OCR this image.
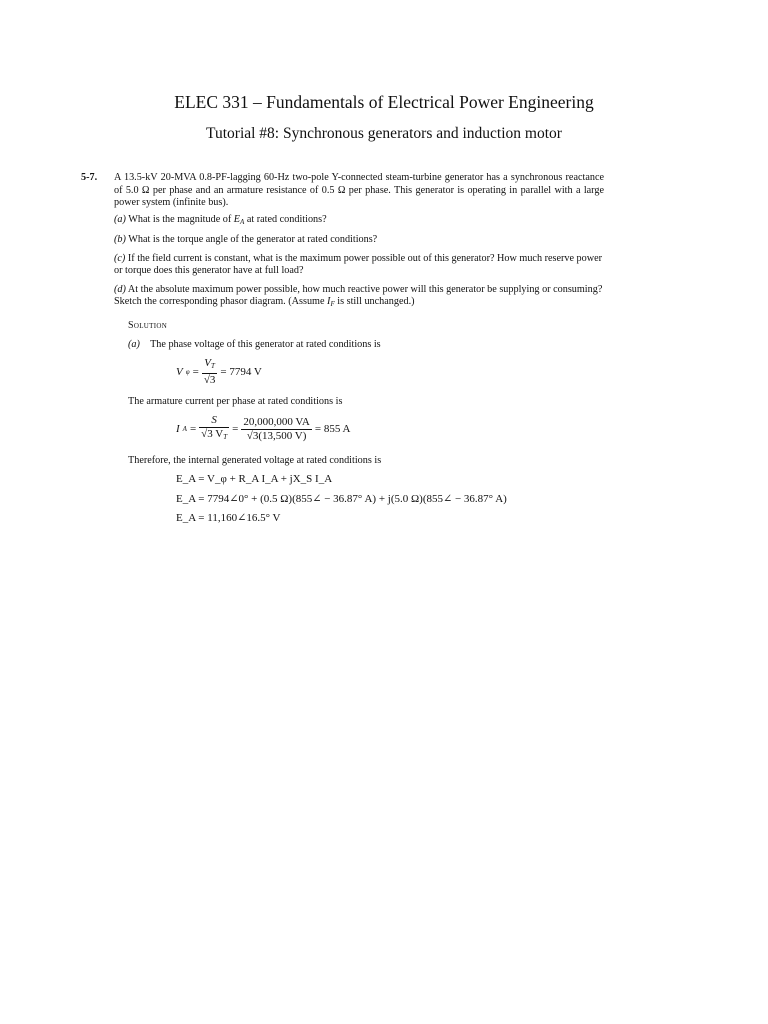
ELEC 331 – Fundamentals of Electrical Power Engineering
Tutorial #8: Synchronous generators and induction motor
5-7. A 13.5-kV 20-MVA 0.8-PF-lagging 60-Hz two-pole Y-connected steam-turbine generator has a synchronous reactance of 5.0 Ω per phase and an armature resistance of 0.5 Ω per phase. This generator is operating in parallel with a large power system (infinite bus).

(a) What is the magnitude of $E_A$ at rated conditions?
(b) What is the torque angle of the generator at rated conditions?
(c) If the field current is constant, what is the maximum power possible out of this generator? How much reserve power or torque does this generator have at full load?
(d) At the absolute maximum power possible, how much reactive power will this generator be supplying or consuming? Sketch the corresponding phasor diagram. (Assume $I_F$ is still unchanged.)
Solution
(a) The phase voltage of this generator at rated conditions is
V $\varphi = \frac{V_T}{√3} = 7794$ V
The armature current per phase at rated conditions is
I $A = \frac{S}{√3 V_T} = \frac{20,000,000 VA}{√3(13,500 V)} = 855$ A
Therefore, the internal generated voltage at rated conditions is
E_A = V_φ + R_A I_A + jX_S I_A
E_A = 7794∠0° + (0.5 Ω)(855∠ − 36.87° A) + j(5.0 Ω)(855∠ − 36.87° A)
E_A = 11,160∠16.5° V
